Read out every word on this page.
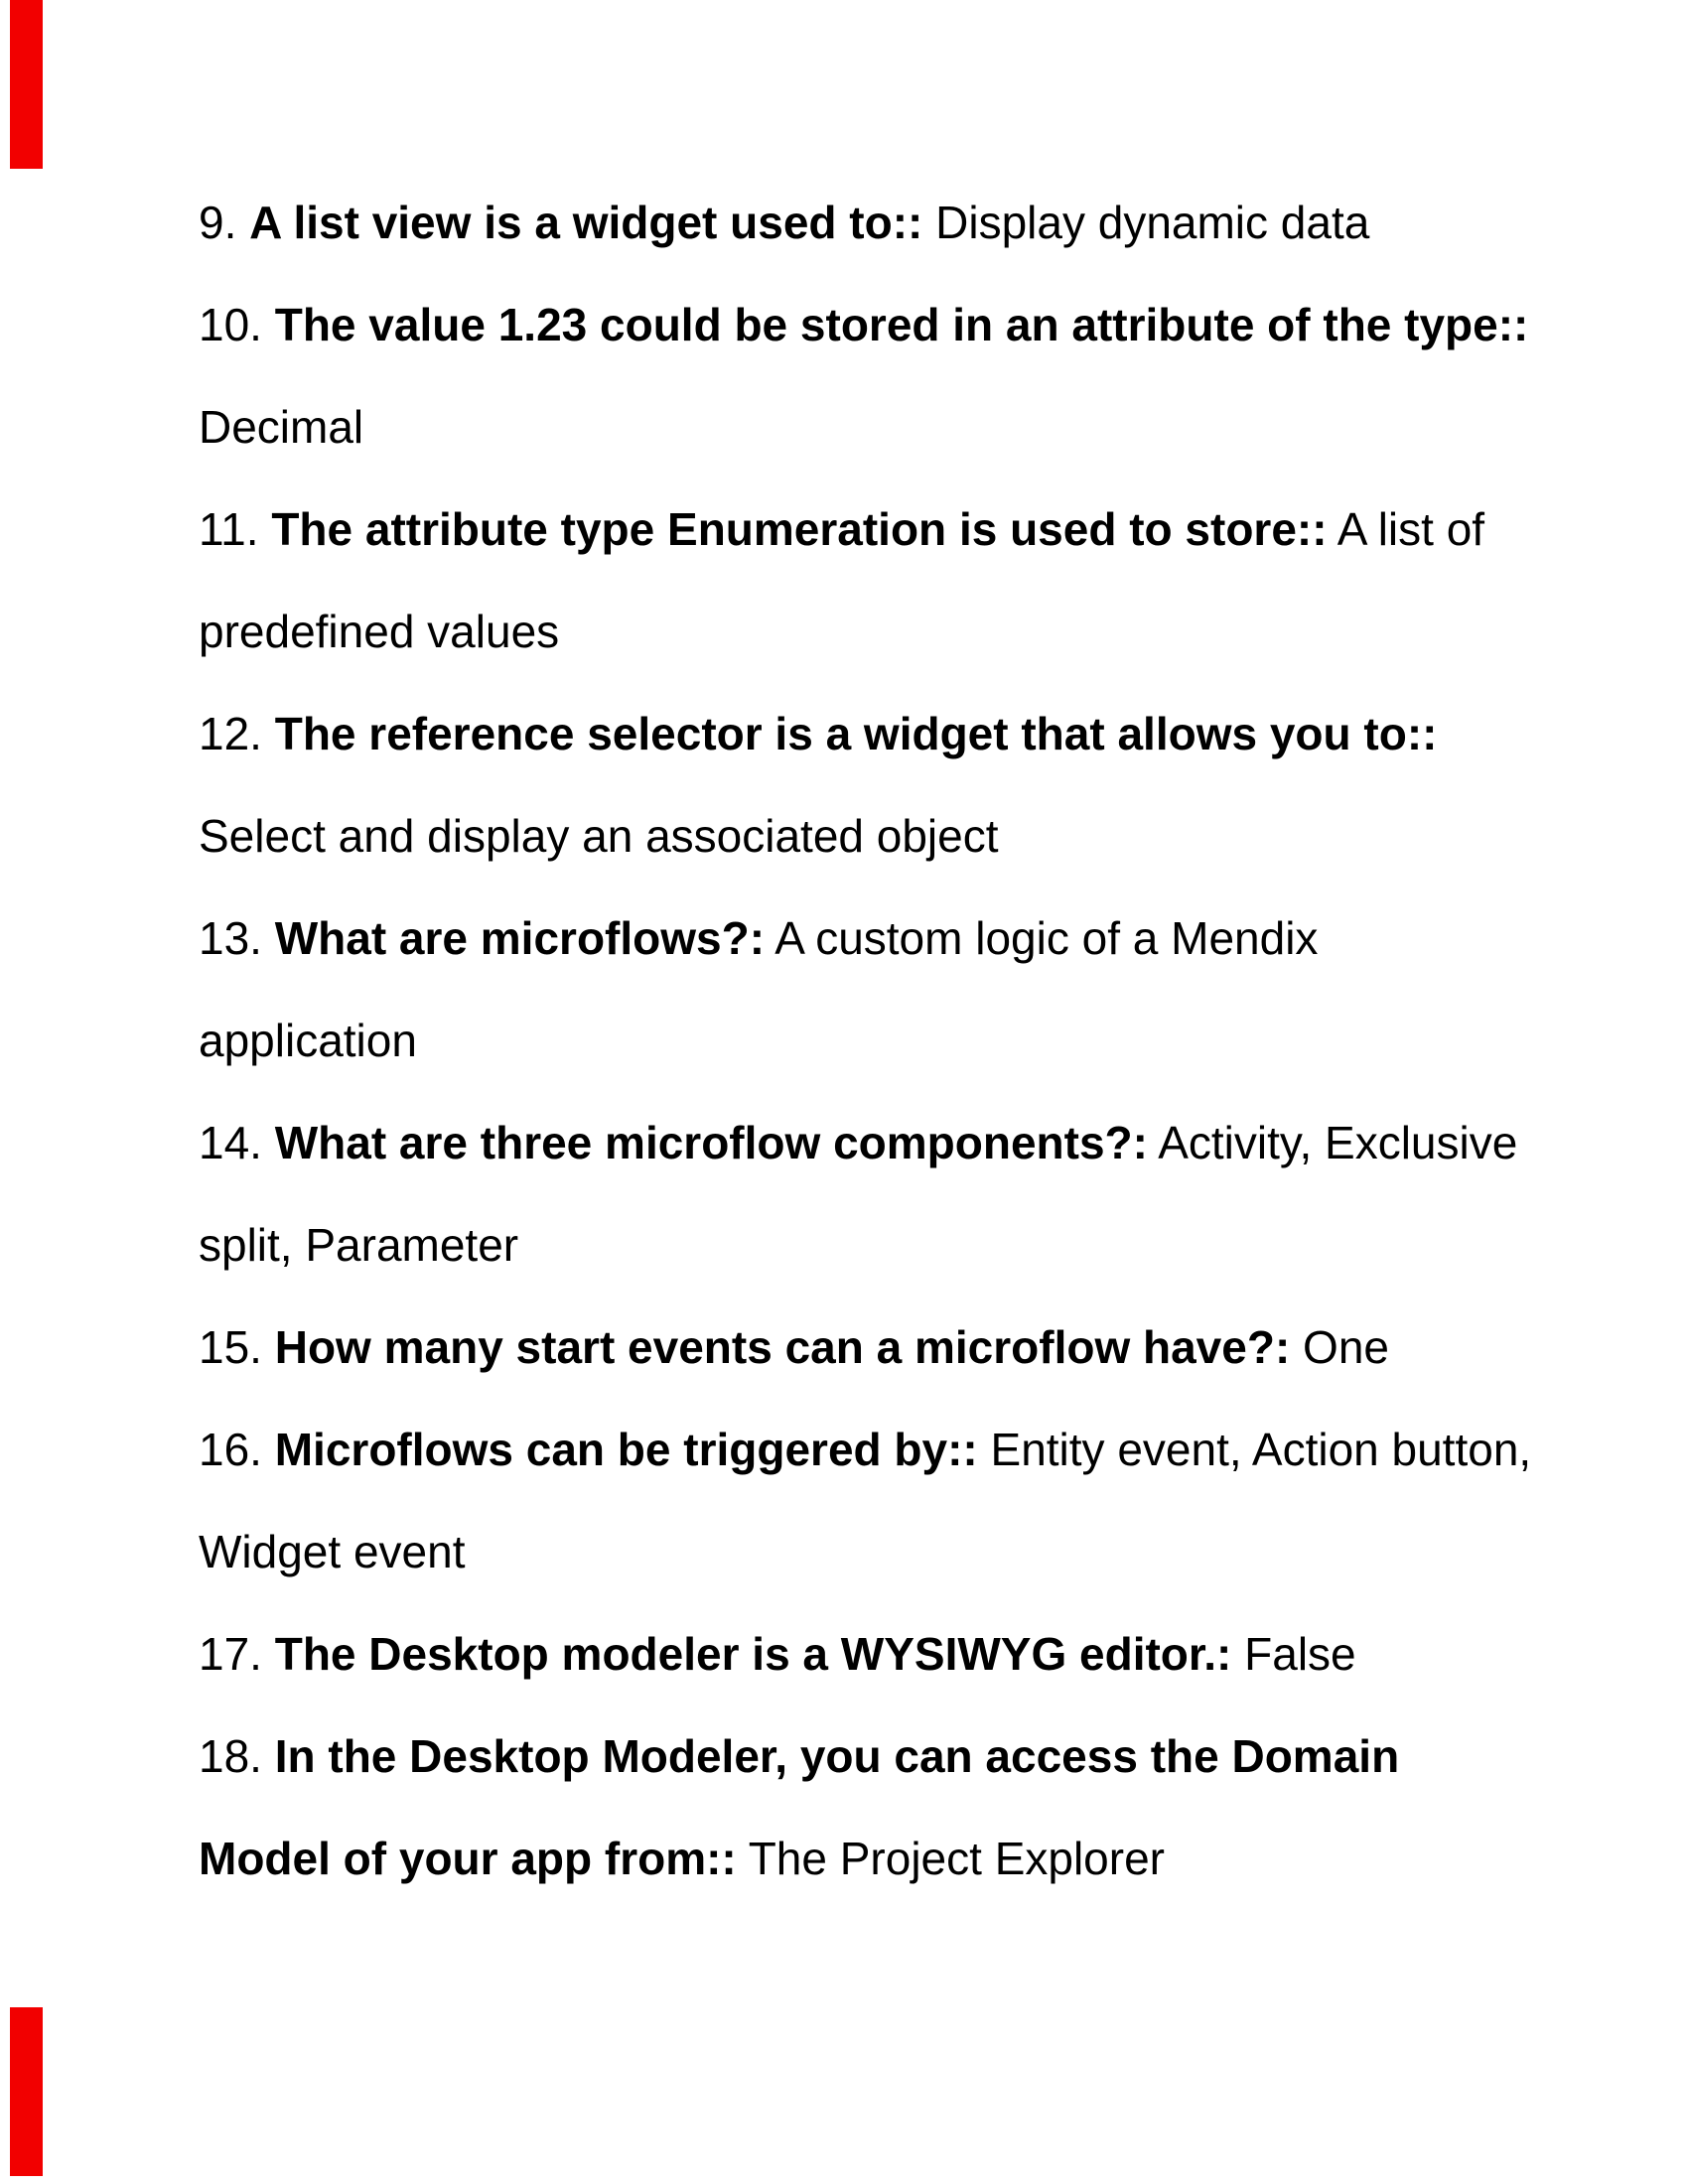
9. A list view is a widget used to:: Display dynamic data
10. The value 1.23 could be stored in an attribute of the type::
Decimal
11. The attribute type Enumeration is used to store:: A list of
predefined values
12. The reference selector is a widget that allows you to::
Select and display an associated object
13. What are microflows?: A custom logic of a Mendix
application
14. What are three microflow components?: Activity, Exclusive
split, Parameter
15. How many start events can a microflow have?: One
16. Microflows can be triggered by:: Entity event, Action button,
Widget event
17. The Desktop modeler is a WYSIWYG editor.: False
18. In the Desktop Modeler, you can access the Domain
Model of your app from:: The Project Explorer
